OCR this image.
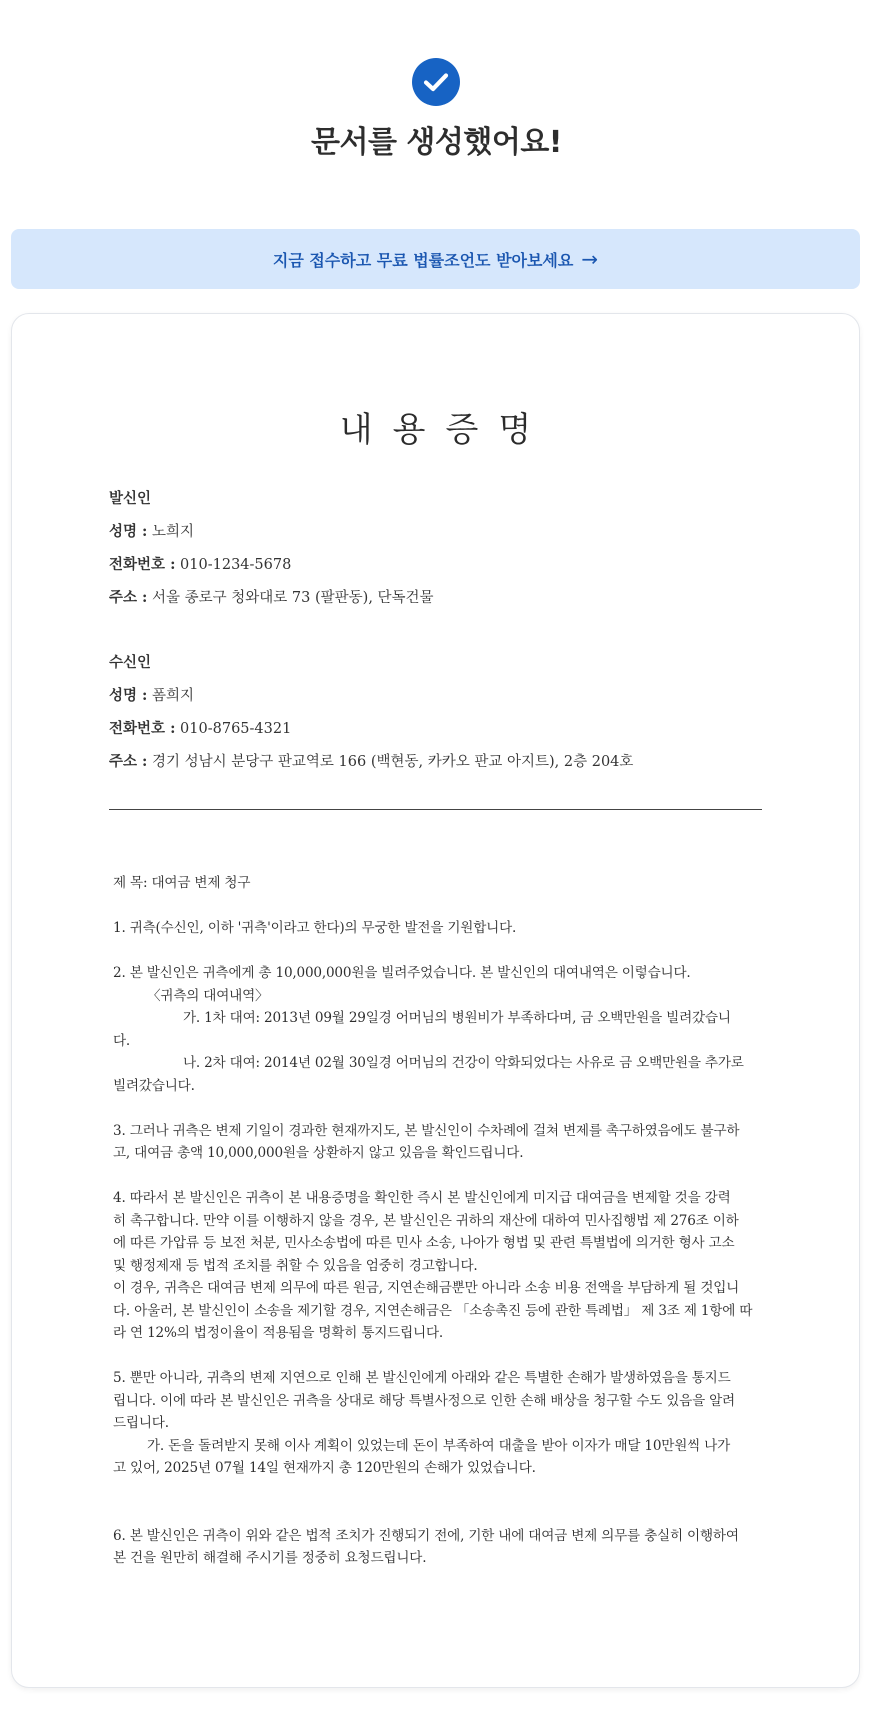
문서를 생성했어요!
지금 접수하고 무료 법률조언도 받아보세요 →
내용증명
발신인
성명 : 노희지
전화번호 : 010-1234-5678
주소 : 서울 종로구 청와대로 73 (팔판동), 단독건물
수신인
성명 : 폼희지
전화번호 : 010-8765-4321
주소 : 경기 성남시 분당구 판교역로 166 (백현동, 카카오 판교 아지트), 2층 204호

제 목: 대여금 변제 청구

1. 귀측(수신인, 이하 '귀측'이라고 한다)의 무궁한 발전을 기원합니다.

2. 본 발신인은 귀측에게 총 10,000,000원을 빌려주었습니다. 본 발신인의 대여내역은 이렇습니다.

〈귀측의 대여내역〉

가. 1차 대여: 2013년 09월 29일경 어머님의 병원비가 부족하다며, 금 오백만원을 빌려갔습니

다.

나. 2차 대여: 2014년 02월 30일경 어머님의 건강이 악화되었다는 사유로 금 오백만원을 추가로

빌려갔습니다.

3. 그러나 귀측은 변제 기일이 경과한 현재까지도, 본 발신인이 수차례에 걸쳐 변제를 촉구하였음에도 불구하

고, 대여금 총액 10,000,000원을 상환하지 않고 있음을 확인드립니다.

4. 따라서 본 발신인은 귀측이 본 내용증명을 확인한 즉시 본 발신인에게 미지급 대여금을 변제할 것을 강력

히 촉구합니다. 만약 이를 이행하지 않을 경우, 본 발신인은 귀하의 재산에 대하여 민사집행법 제 276조 이하

에 따른 가압류 등 보전 처분, 민사소송법에 따른 민사 소송, 나아가 형법 및 관련 특별법에 의거한 형사 고소

및 행정제재 등 법적 조치를 취할 수 있음을 엄중히 경고합니다.

이 경우, 귀측은 대여금 변제 의무에 따른 원금, 지연손해금뿐만 아니라 소송 비용 전액을 부담하게 될 것입니

다. 아울러, 본 발신인이 소송을 제기할 경우, 지연손해금은 「소송촉진 등에 관한 특례법」 제 3조 제 1항에 따

라 연 12%의 법정이율이 적용됨을 명확히 통지드립니다.

5. 뿐만 아니라, 귀측의 변제 지연으로 인해 본 발신인에게 아래와 같은 특별한 손해가 발생하였음을 통지드

립니다. 이에 따라 본 발신인은 귀측을 상대로 해당 특별사정으로 인한 손해 배상을 청구할 수도 있음을 알려

드립니다.

가. 돈을 돌려받지 못해 이사 계획이 있었는데 돈이 부족하여 대출을 받아 이자가 매달 10만원씩 나가

고 있어, 2025년 07월 14일 현재까지 총 120만원의 손해가 있었습니다.

6. 본 발신인은 귀측이 위와 같은 법적 조치가 진행되기 전에, 기한 내에 대여금 변제 의무를 충실히 이행하여

본 건을 원만히 해결해 주시기를 정중히 요청드립니다.
